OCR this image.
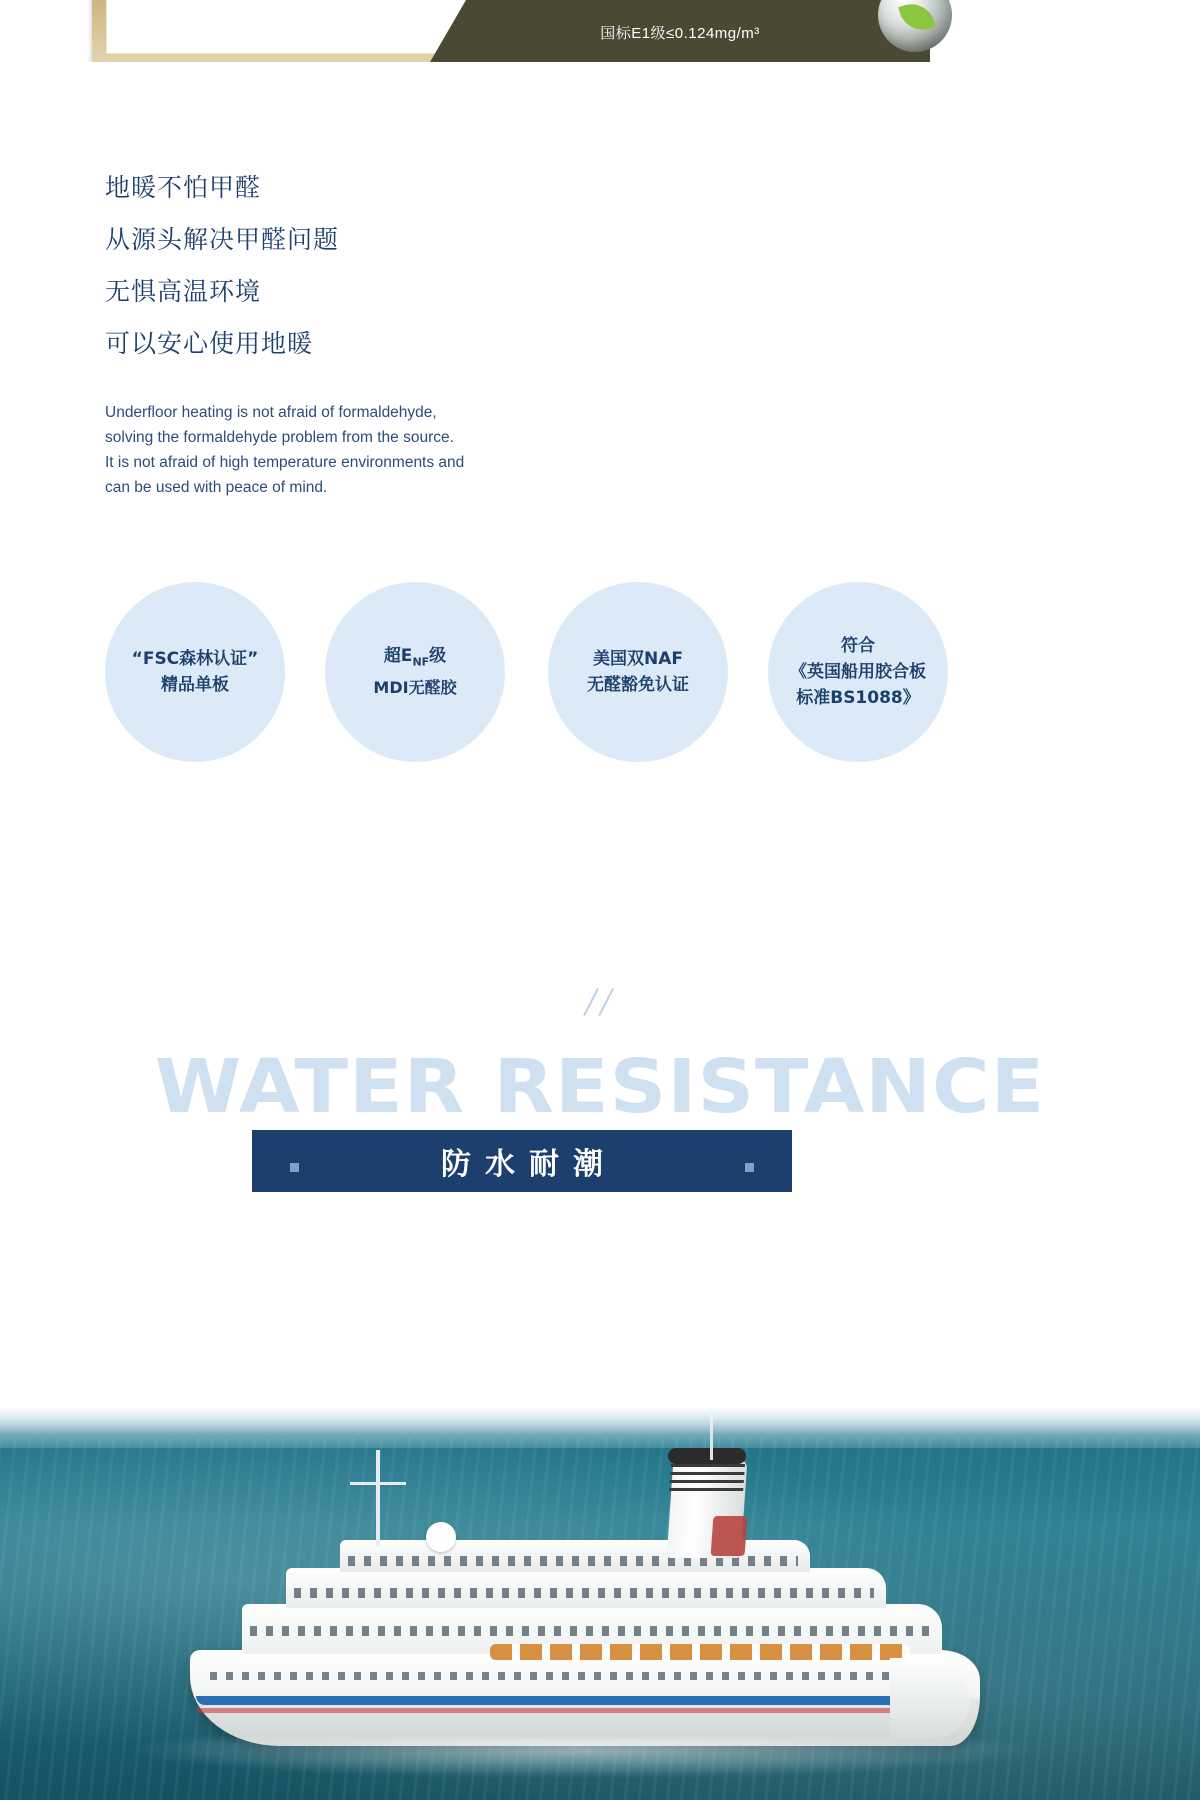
国标E1级≤0.124mg/m³
地暖不怕甲醛
从源头解决甲醛问题
无惧高温环境
可以安心使用地暖

Underfloor heating is not afraid of formaldehyde,

solving the formaldehyde problem from the source.

It is not afraid of high temperature environments and

can be used with peace of mind.

“FSC森林认证”
精品单板
超$E_{NF}$级
MDI无醛胶
美国双NAF
无醛豁免认证
符合
《英国船用胶合板
标准BS1088》
//
WATER RESISTANCE
防水耐潮
